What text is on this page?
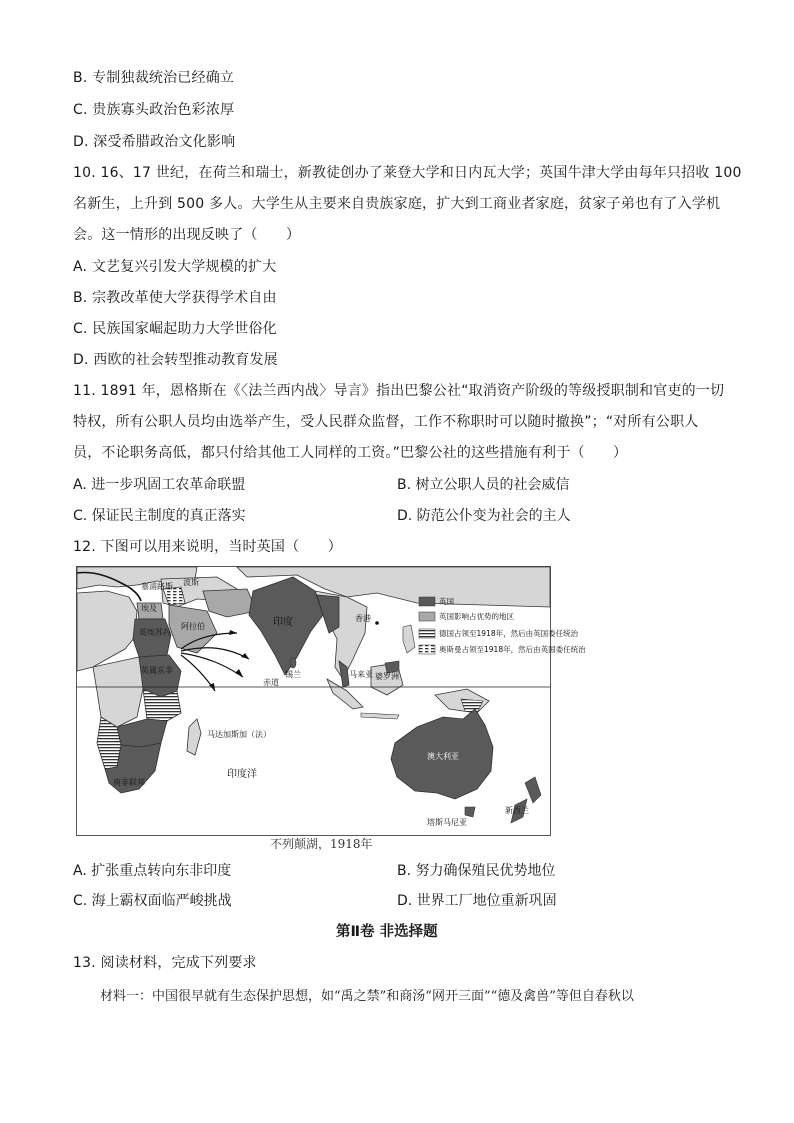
B. 专制独裁统治已经确立
C. 贵族寡头政治色彩浓厚
D. 深受希腊政治文化影响
10. 16、17 世纪，在荷兰和瑞士，新教徒创办了莱登大学和日内瓦大学；英国牛津大学由每年只招收 100
名新生，上升到 500 多人。大学生从主要来自贵族家庭，扩大到工商业者家庭，贫家子弟也有了入学机
会。这一情形的出现反映了（　　）
A. 文艺复兴引发大学规模的扩大
B. 宗教改革使大学获得学术自由
C. 民族国家崛起助力大学世俗化
D. 西欧的社会转型推动教育发展
11. 1891 年，恩格斯在《〈法兰西内战〉导言》指出巴黎公社“取消资产阶级的等级授职制和官吏的一切
特权，所有公职人员均由选举产生，受人民群众监督，工作不称职时可以随时撤换”；“对所有公职人
员，不论职务高低，都只付给其他工人同样的工资。”巴黎公社的这些措施有利于（　　）
A. 进一步巩固工农革命联盟	B. 树立公职人员的社会威信
C. 保证民主制度的真正落实	D. 防范公仆变为社会的主人
12. 下图可以用来说明，当时英国（　　）
英国
英国影响占优势的地区
德国占领至1918年，然后由英国委任统治
奥斯曼占领至1918年，然后由英国委任统治
波斯
阿拉伯	印度
埃及
塞浦路斯
英埃苏丹
英属东非	锡兰
赤道
香港
马来亚 婆罗洲
印度洋
马达加斯加（法）
南非联邦
澳大利亚
塔斯马尼亚
新西兰
不列颠湖，1918年
A. 扩张重点转向东非印度	B. 努力确保殖民优势地位
C. 海上霸权面临严峻挑战	D. 世界工厂地位重新巩固
第Ⅱ卷 非选择题
13. 阅读材料，完成下列要求
材料一：中国很早就有生态保护思想，如“禹之禁”和商汤“网开三面”“德及禽兽”等但自春秋以
